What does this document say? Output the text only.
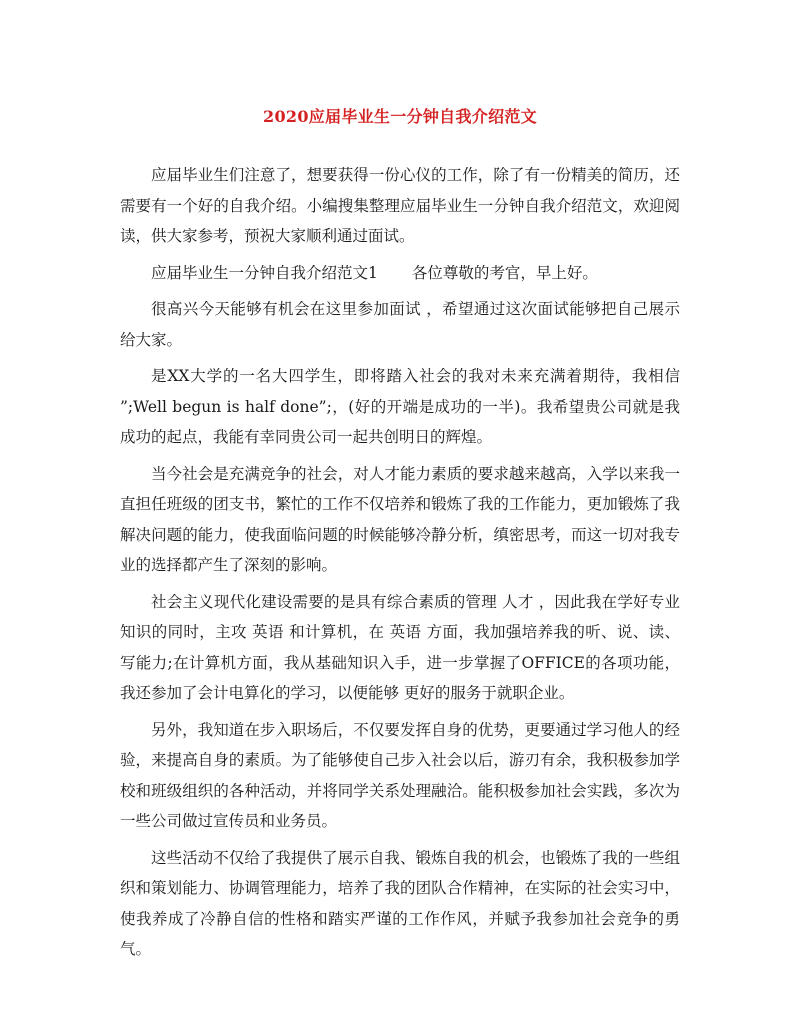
2020应届毕业生一分钟自我介绍范文

应届毕业生们注意了，想要获得一份心仪的工作，除了有一份精美的简历，还需要有一个好的自我介绍。小编搜集整理应届毕业生一分钟自我介绍范文，欢迎阅读，供大家参考，预祝大家顺利通过面试。

应届毕业生一分钟自我介绍范文1 各位尊敬的考官，早上好。

很高兴今天能够有机会在这里参加面试 ，希望通过这次面试能够把自己展示给大家。

是XX大学的一名大四学生，即将踏入社会的我对未来充满着期待，我相信 ”;Well begun is half done”;，(好的开端是成功的一半)。我希望贵公司就是我成功的起点，我能有幸同贵公司一起共创明日的辉煌。

当今社会是充满竞争的社会，对人才能力素质的要求越来越高，入学以来我一直担任班级的团支书，繁忙的工作不仅培养和锻炼了我的工作能力，更加锻炼了我解决问题的能力，使我面临问题的时候能够冷静分析，缜密思考，而这一切对我专业的选择都产生了深刻的影响。

社会主义现代化建设需要的是具有综合素质的管理 人才 ，因此我在学好专业知识的同时，主攻 英语 和计算机，在 英语 方面，我加强培养我的听、说、读、写能力;在计算机方面，我从基础知识入手，进一步掌握了OFFICE的各项功能，我还参加了会计电算化的学习，以便能够 更好的服务于就职企业。

另外，我知道在步入职场后，不仅要发挥自身的优势，更要通过学习他人的经验，来提高自身的素质。为了能够使自己步入社会以后，游刃有余，我积极参加学校和班级组织的各种活动，并将同学关系处理融洽。能积极参加社会实践，多次为一些公司做过宣传员和业务员。

这些活动不仅给了我提供了展示自我、锻炼自我的机会，也锻炼了我的一些组织和策划能力、协调管理能力，培养了我的团队合作精神，在实际的社会实习中，使我养成了冷静自信的性格和踏实严谨的工作作风，并赋予我参加社会竞争的勇气。
